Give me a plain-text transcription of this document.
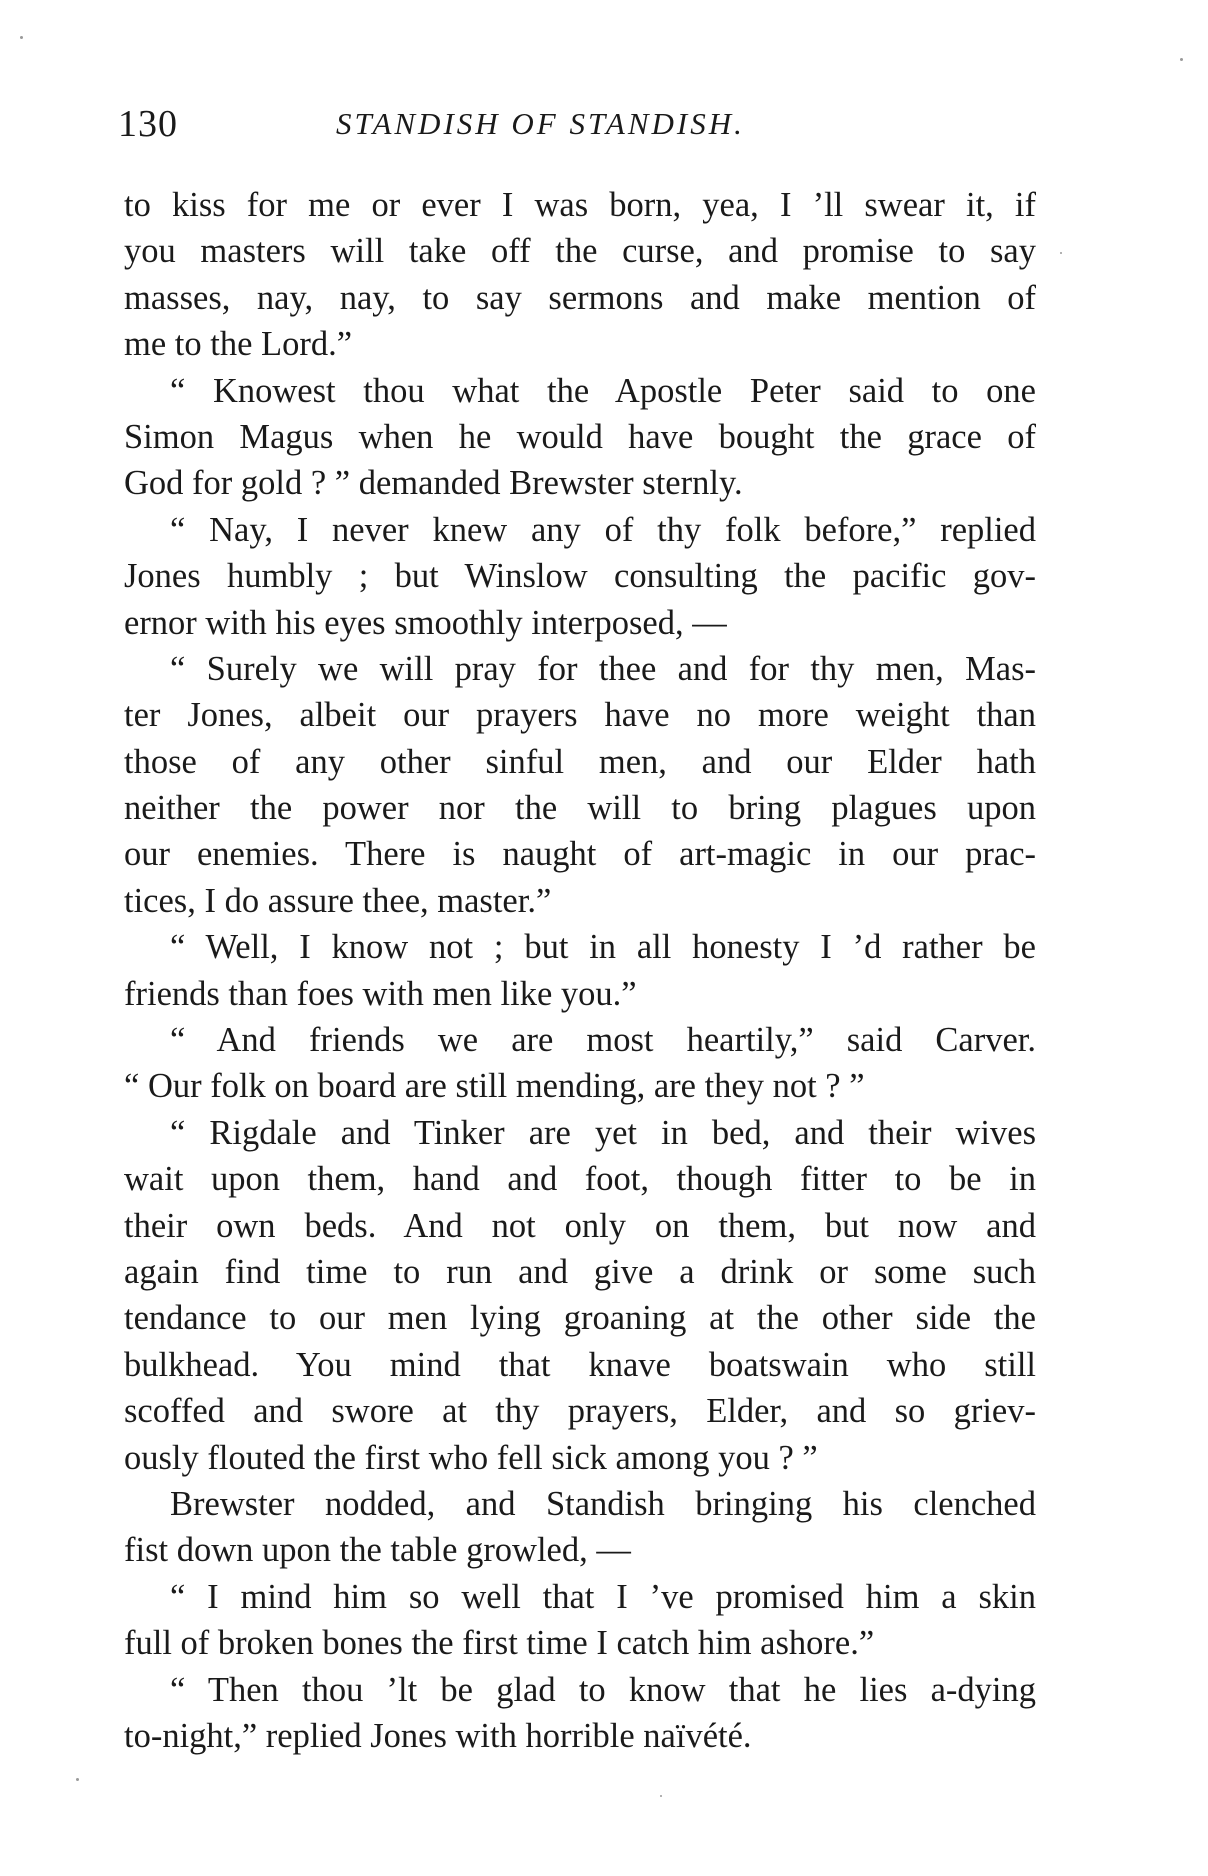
130	STANDISH OF STANDISH.
to kiss for me or ever I was born, yea, I ’ll swear it, if
you masters will take off the curse, and promise to say
masses, nay, nay, to say sermons and make mention of
me to the Lord.”
“ Knowest thou what the Apostle Peter said to one
Simon Magus when he would have bought the grace of
God for gold ? ” demanded Brewster sternly.
“ Nay, I never knew any of thy folk before,” replied
Jones humbly ; but Winslow consulting the pacific gov-
ernor with his eyes smoothly interposed, —
“ Surely we will pray for thee and for thy men, Mas-
ter Jones, albeit our prayers have no more weight than
those of any other sinful men, and our Elder hath
neither the power nor the will to bring plagues upon
our enemies. There is naught of art-magic in our prac-
tices, I do assure thee, master.”
“ Well, I know not ; but in all honesty I ’d rather be
friends than foes with men like you.”
“ And friends we are most heartily,” said Carver.
“ Our folk on board are still mending, are they not ? ”
“ Rigdale and Tinker are yet in bed, and their wives
wait upon them, hand and foot, though fitter to be in
their own beds. And not only on them, but now and
again find time to run and give a drink or some such
tendance to our men lying groaning at the other side the
bulkhead. You mind that knave boatswain who still
scoffed and swore at thy prayers, Elder, and so griev-
ously flouted the first who fell sick among you ? ”
Brewster nodded, and Standish bringing his clenched
fist down upon the table growled, —
“ I mind him so well that I ’ve promised him a skin
full of broken bones the first time I catch him ashore.”
“ Then thou ’lt be glad to know that he lies a-dying
to-night,” replied Jones with horrible naïvété.
